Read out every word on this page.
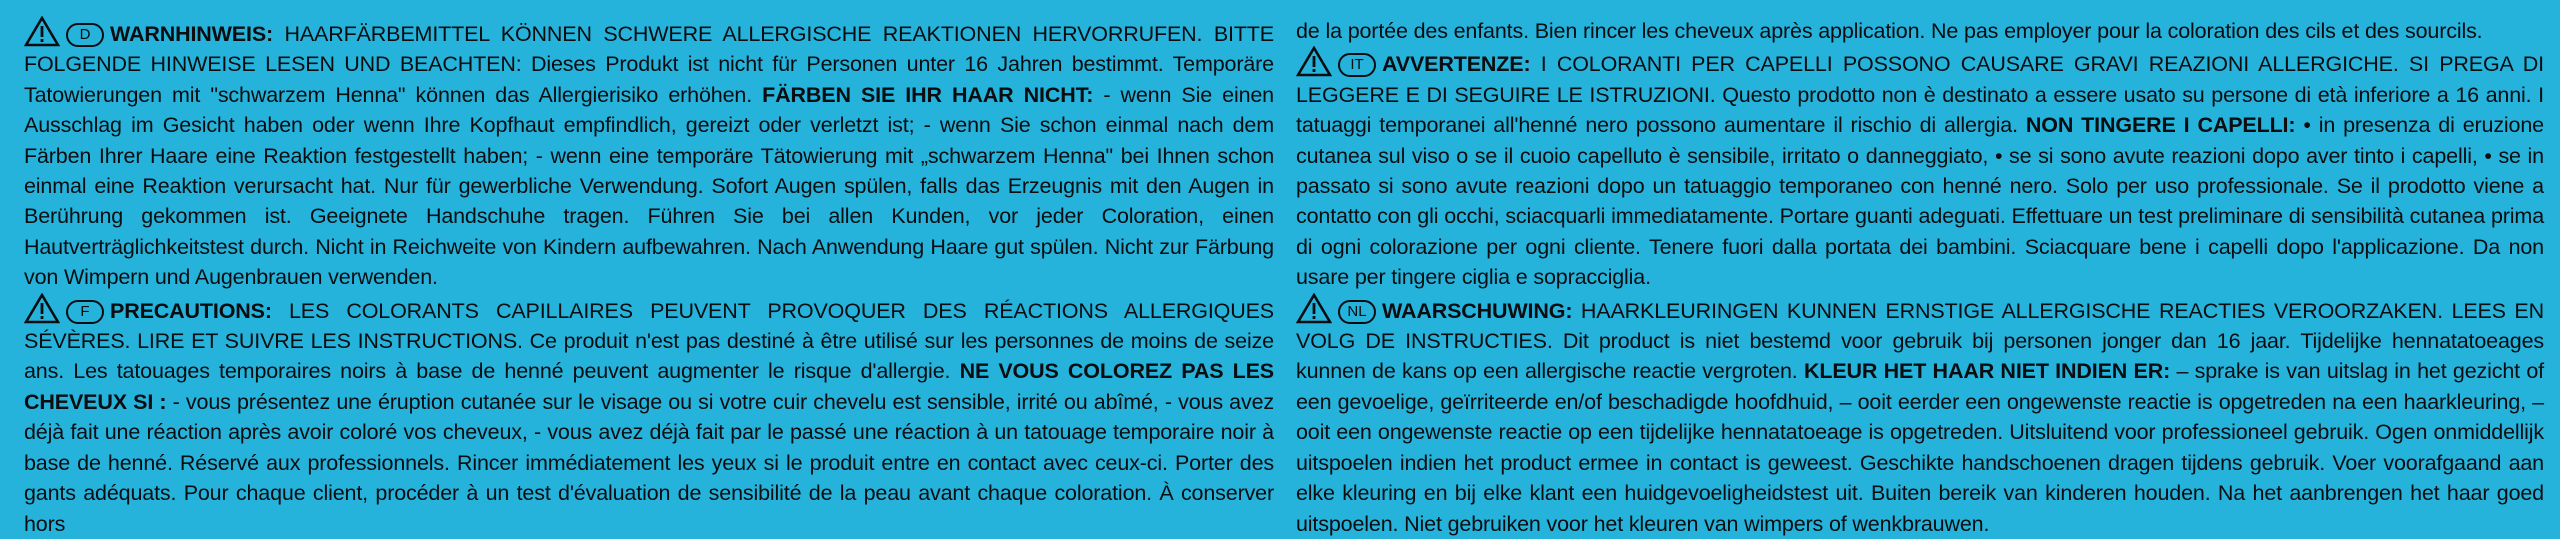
D WARNHINWEIS: HAARFÄRBEMITTEL KÖNNEN SCHWERE ALLERGISCHE REAKTIONEN HERVORRUFEN. BITTE FOLGENDE HINWEISE LESEN UND BEACHTEN: Dieses Produkt ist nicht für Personen unter 16 Jahren bestimmt. Temporäre Tatowierungen mit "schwarzem Henna" können das Allergierisiko erhöhen. FÄRBEN SIE IHR HAAR NICHT: - wenn Sie einen Ausschlag im Gesicht haben oder wenn Ihre Kopfhaut empfindlich, gereizt oder verletzt ist; - wenn Sie schon einmal nach dem Färben Ihrer Haare eine Reaktion festgestellt haben; - wenn eine temporäre Tätowierung mit „schwarzem Henna" bei Ihnen schon einmal eine Reaktion verursacht hat. Nur für gewerbliche Verwendung. Sofort Augen spülen, falls das Erzeugnis mit den Augen in Berührung gekommen ist. Geeignete Handschuhe tragen. Führen Sie bei allen Kunden, vor jeder Coloration, einen Hautverträglichkeitstest durch. Nicht in Reichweite von Kindern aufbewahren. Nach Anwendung Haare gut spülen. Nicht zur Färbung von Wimpern und Augenbrauen verwenden.

F PRECAUTIONS: LES COLORANTS CAPILLAIRES PEUVENT PROVOQUER DES RÉACTIONS ALLERGIQUES SÉVÈRES. LIRE ET SUIVRE LES INSTRUCTIONS. Ce produit n'est pas destiné à être utilisé sur les personnes de moins de seize ans. Les tatouages temporaires noirs à base de henné peuvent augmenter le risque d'allergie. NE VOUS COLOREZ PAS LES CHEVEUX SI : - vous présentez une éruption cutanée sur le visage ou si votre cuir chevelu est sensible, irrité ou abîmé, - vous avez déjà fait une réaction après avoir coloré vos cheveux, - vous avez déjà fait par le passé une réaction à un tatouage temporaire noir à base de henné. Réservé aux professionnels. Rincer immédiatement les yeux si le produit entre en contact avec ceux-ci. Porter des gants adéquats. Pour chaque client, procéder à un test d'évaluation de sensibilité de la peau avant chaque coloration. À conserver hors

de la portée des enfants. Bien rincer les cheveux après application. Ne pas employer pour la coloration des cils et des sourcils.

IT AVVERTENZE: I COLORANTI PER CAPELLI POSSONO CAUSARE GRAVI REAZIONI ALLERGICHE. SI PREGA DI LEGGERE E DI SEGUIRE LE ISTRUZIONI. Questo prodotto non è destinato a essere usato su persone di età inferiore a 16 anni. I tatuaggi temporanei all'henné nero possono aumentare il rischio di allergia. NON TINGERE I CAPELLI: • in presenza di eruzione cutanea sul viso o se il cuoio capelluto è sensibile, irritato o danneggiato, • se si sono avute reazioni dopo aver tinto i capelli, • se in passato si sono avute reazioni dopo un tatuaggio temporaneo con henné nero. Solo per uso professionale. Se il prodotto viene a contatto con gli occhi, sciacquarli immediatamente. Portare guanti adeguati. Effettuare un test preliminare di sensibilità cutanea prima di ogni colorazione per ogni cliente. Tenere fuori dalla portata dei bambini. Sciacquare bene i capelli dopo l'applicazione. Da non usare per tingere ciglia e sopracciglia.

NL WAARSCHUWING: HAARKLEURINGEN KUNNEN ERNSTIGE ALLERGISCHE REACTIES VEROORZAKEN. LEES EN VOLG DE INSTRUCTIES. Dit product is niet bestemd voor gebruik bij personen jonger dan 16 jaar. Tijdelijke hennatatoeages kunnen de kans op een allergische reactie vergroten. KLEUR HET HAAR NIET INDIEN ER: – sprake is van uitslag in het gezicht of een gevoelige, geïrriteerde en/of beschadigde hoofdhuid, – ooit eerder een ongewenste reactie is opgetreden na een haarkleuring, – ooit een ongewenste reactie op een tijdelijke hennatatoeage is opgetreden. Uitsluitend voor professioneel gebruik. Ogen onmiddellijk uitspoelen indien het product ermee in contact is geweest. Geschikte handschoenen dragen tijdens gebruik. Voer voorafgaand aan elke kleuring en bij elke klant een huidgevoeligheidstest uit. Buiten bereik van kinderen houden. Na het aanbrengen het haar goed uitspoelen. Niet gebruiken voor het kleuren van wimpers of wenkbrauwen.
